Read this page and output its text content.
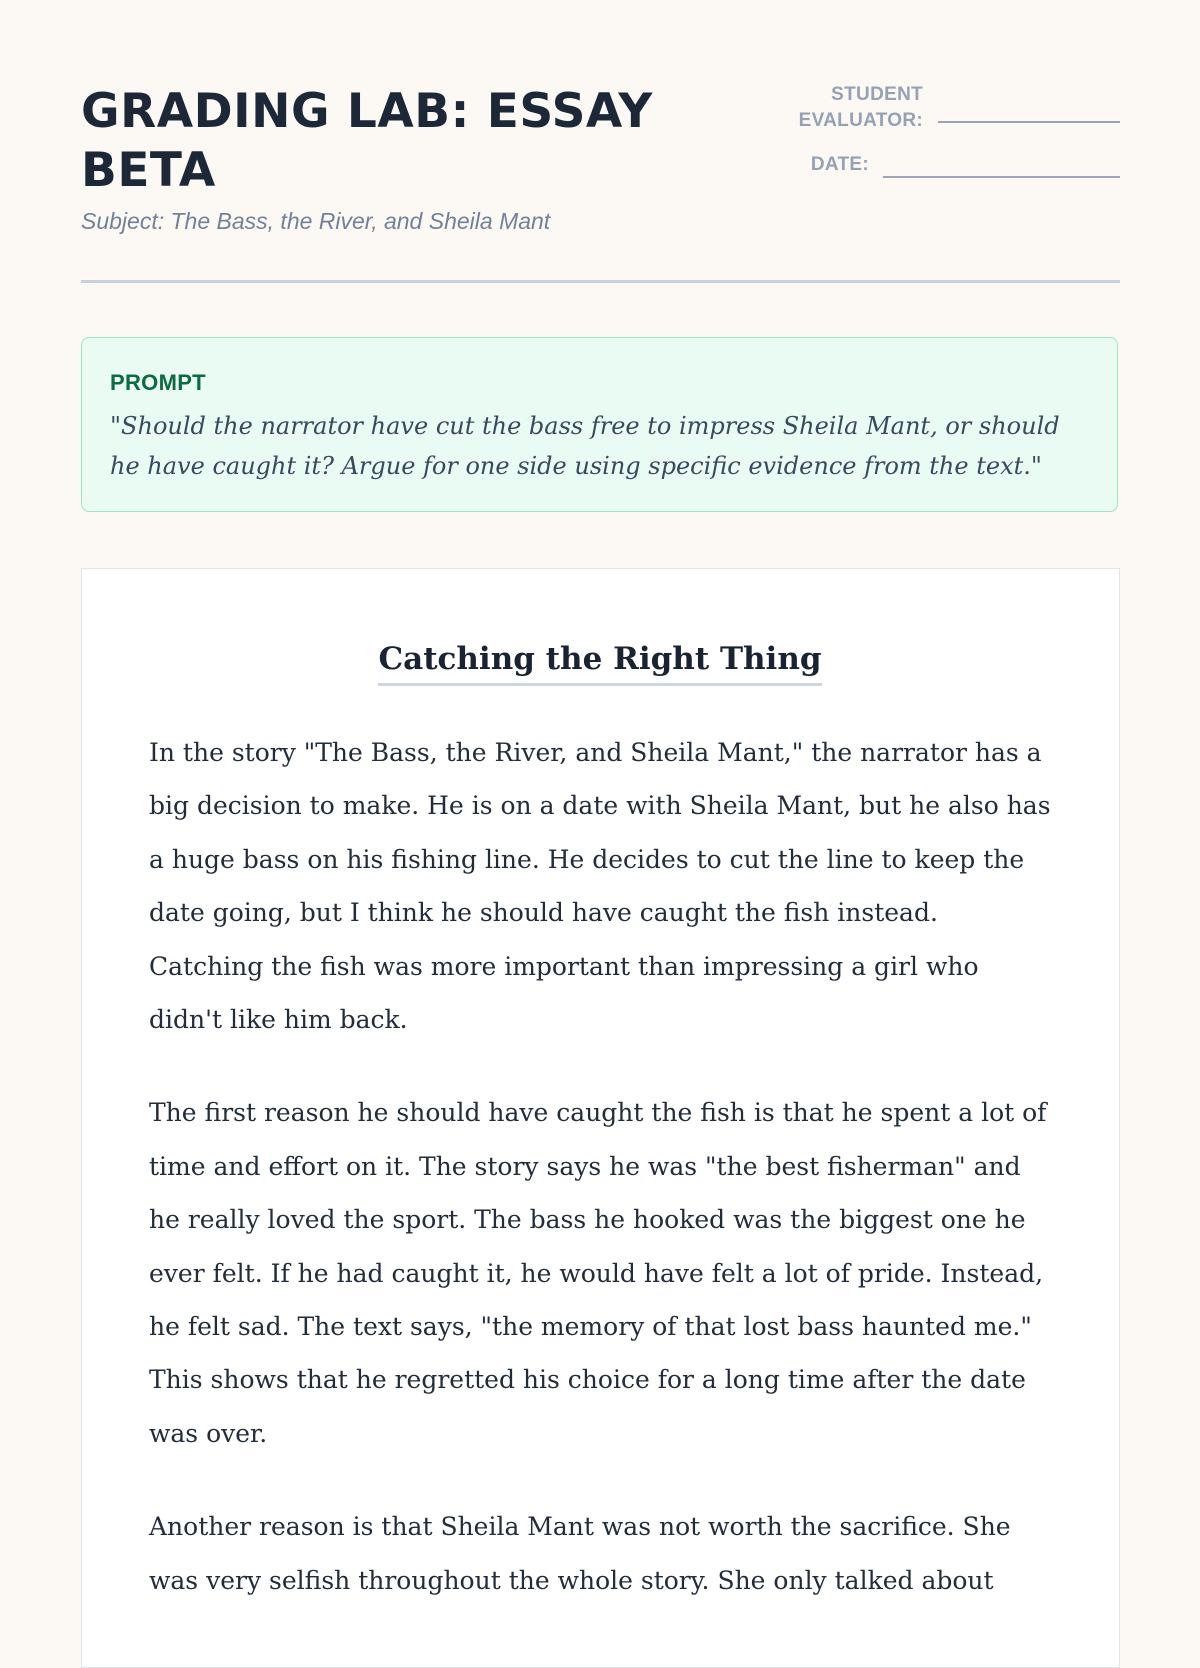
GRADING LAB: ESSAY BETA
Subject: The Bass, the River, and Sheila Mant
STUDENT
EVALUATOR:
DATE:
PROMPT

"Should the narrator have cut the bass free to impress Sheila Mant, or should he have caught it? Argue for one side using specific evidence from the text."

Catching the Right Thing

In the story "The Bass, the River, and Sheila Mant," the narrator has a big decision to make. He is on a date with Sheila Mant, but he also has a huge bass on his fishing line. He decides to cut the line to keep the date going, but I think he should have caught the fish instead. Catching the fish was more important than impressing a girl who didn't like him back.

The first reason he should have caught the fish is that he spent a lot of time and effort on it. The story says he was "the best fisherman" and he really loved the sport. The bass he hooked was the biggest one he ever felt. If he had caught it, he would have felt a lot of pride. Instead, he felt sad. The text says, "the memory of that lost bass haunted me." This shows that he regretted his choice for a long time after the date was over.

Another reason is that Sheila Mant was not worth the sacrifice. She was very selfish throughout the whole story. She only talked about
